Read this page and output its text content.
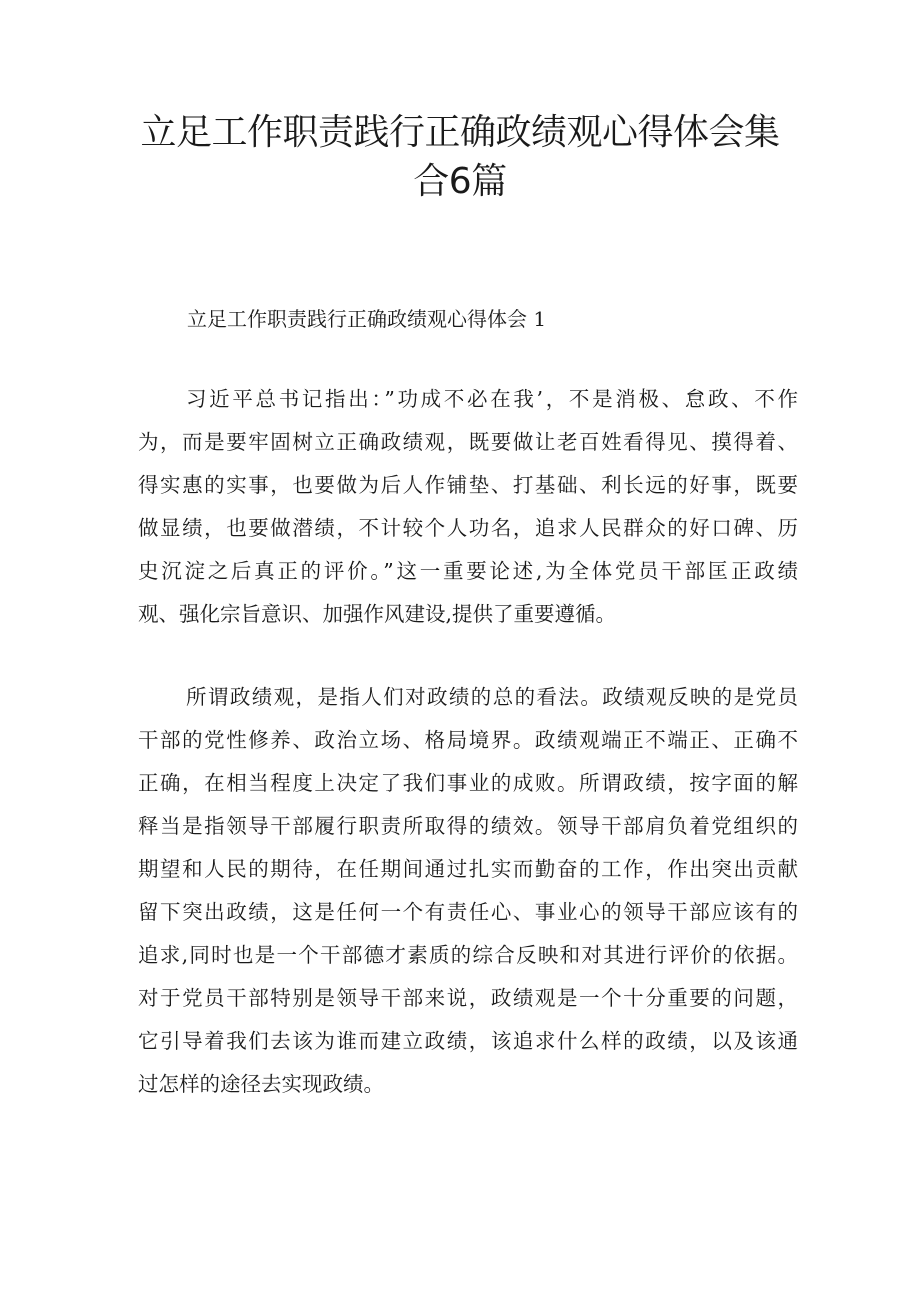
立足工作职责践行正确政绩观心得体会集
合6篇
立足工作职责践行正确政绩观心得体会 1
习近平总书记指出：”功成不必在我’，不是消极、怠政、不作
为，而是要牢固树立正确政绩观，既要做让老百姓看得见、摸得着、
得实惠的实事，也要做为后人作铺垫、打基础、利长远的好事，既要
做显绩，也要做潜绩，不计较个人功名，追求人民群众的好口碑、历
史沉淀之后真正的评价。”这一重要论述,为全体党员干部匡正政绩
观、强化宗旨意识、加强作风建设,提供了重要遵循。
所谓政绩观，是指人们对政绩的总的看法。政绩观反映的是党员
干部的党性修养、政治立场、格局境界。政绩观端正不端正、正确不
正确，在相当程度上决定了我们事业的成败。所谓政绩，按字面的解
释当是指领导干部履行职责所取得的绩效。领导干部肩负着党组织的
期望和人民的期待，在任期间通过扎实而勤奋的工作，作出突出贡献
留下突出政绩，这是任何一个有责任心、事业心的领导干部应该有的
追求,同时也是一个干部德才素质的综合反映和对其进行评价的依据。
对于党员干部特别是领导干部来说，政绩观是一个十分重要的问题，
它引导着我们去该为谁而建立政绩，该追求什么样的政绩，以及该通
过怎样的途径去实现政绩。
